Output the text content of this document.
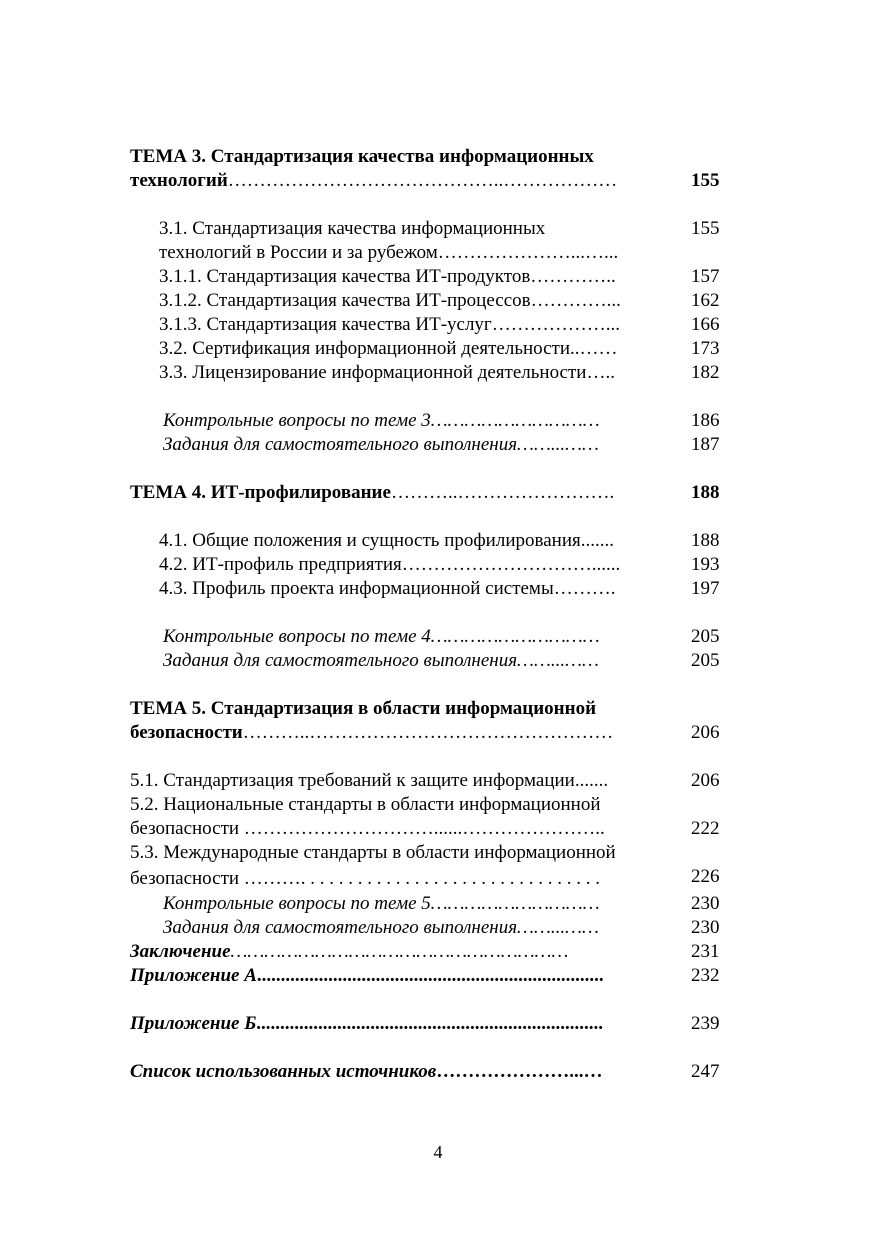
ТЕМА 3. Стандартизация качества информационных
технологий……………………………………..………………	155
3.1. Стандартизация качества информационных	155
технологий в России и за рубежом…………………...…...
3.1.1. Стандартизация качества ИТ-продуктов…………..	157
3.1.2. Стандартизация качества ИТ-процессов…………...	162
3.1.3. Стандартизация качества ИТ-услуг………………...	166
3.2. Сертификация информационной деятельности..……	173
3.3. Лицензирование информационной деятельности…..	182
Контрольные вопросы по теме 3…………………………	186
Задания для самостоятельного выполнения……...……	187
ТЕМА 4. ИТ-профилирование………..…………………….	188
4.1. Общие положения и сущность профилирования.......	188
4.2. ИТ-профиль предприятия…………………………......	193
4.3. Профиль проекта информационной системы……….	197
Контрольные вопросы по теме 4…………………………	205
Задания для самостоятельного выполнения……...……	205
ТЕМА 5. Стандартизация в области информационной
безопасности………..…………………………………………	206
5.1. Стандартизация требований к защите информации.......	206
5.2. Национальные стандарты в области информационной
безопасности …………………………......…………………..	222
5.3. Международные стандарты в области информационной
безопасности ………. . . . . . . . . . . . . . . . . . . . . . . . . . . . . . . .	226
Контрольные вопросы по теме 5…………………………	230
Задания для самостоятельного выполнения……...……	230
Заключение……………………………………………………	231
Приложение А.........................................................................	232
Приложение Б.........................................................................	239
Список использованных источников…………………...…	247
4
